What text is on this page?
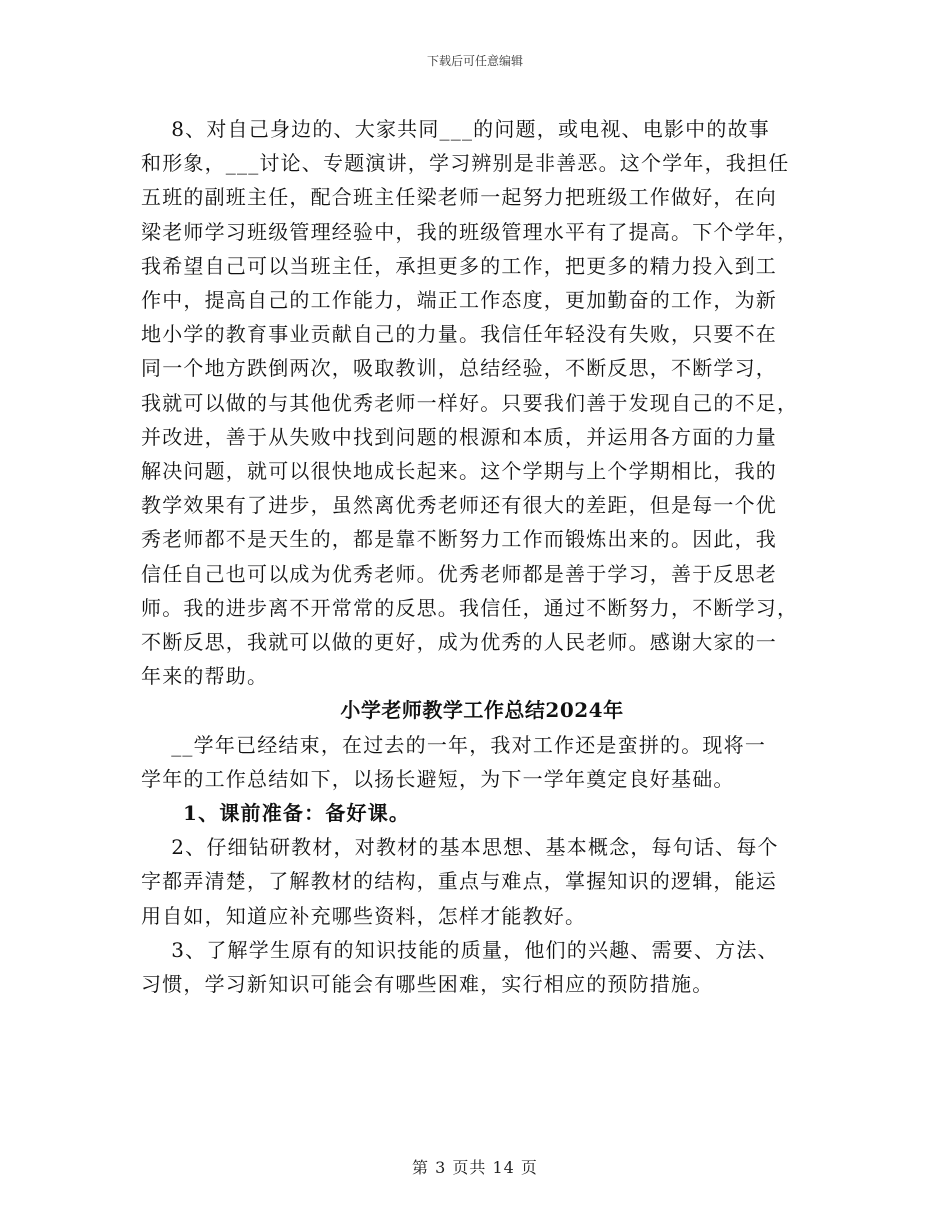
下载后可任意编辑

8、对自己身边的、大家共同___的问题，或电视、电影中的故事

和形象，___讨论、专题演讲，学习辨别是非善恶。这个学年，我担任

五班的副班主任，配合班主任梁老师一起努力把班级工作做好，在向

梁老师学习班级管理经验中，我的班级管理水平有了提高。下个学年，

我希望自己可以当班主任，承担更多的工作，把更多的精力投入到工

作中，提高自己的工作能力，端正工作态度，更加勤奋的工作，为新

地小学的教育事业贡献自己的力量。我信任年轻没有失败，只要不在

同一个地方跌倒两次，吸取教训，总结经验，不断反思，不断学习，

我就可以做的与其他优秀老师一样好。只要我们善于发现自己的不足，

并改进，善于从失败中找到问题的根源和本质，并运用各方面的力量

解决问题，就可以很快地成长起来。这个学期与上个学期相比，我的

教学效果有了进步，虽然离优秀老师还有很大的差距，但是每一个优

秀老师都不是天生的，都是靠不断努力工作而锻炼出来的。因此，我

信任自己也可以成为优秀老师。优秀老师都是善于学习，善于反思老

师。我的进步离不开常常的反思。我信任，通过不断努力，不断学习，

不断反思，我就可以做的更好，成为优秀的人民老师。感谢大家的一

年来的帮助。

小学老师教学工作总结2024年

__学年已经结束，在过去的一年，我对工作还是蛮拼的。现将一

学年的工作总结如下，以扬长避短，为下一学年奠定良好基础。

1、课前准备：备好课。

2、仔细钻研教材，对教材的基本思想、基本概念，每句话、每个

字都弄清楚，了解教材的结构，重点与难点，掌握知识的逻辑，能运

用自如，知道应补充哪些资料，怎样才能教好。

3、了解学生原有的知识技能的质量，他们的兴趣、需要、方法、

习惯，学习新知识可能会有哪些困难，实行相应的预防措施。

第 3 页共 14 页
